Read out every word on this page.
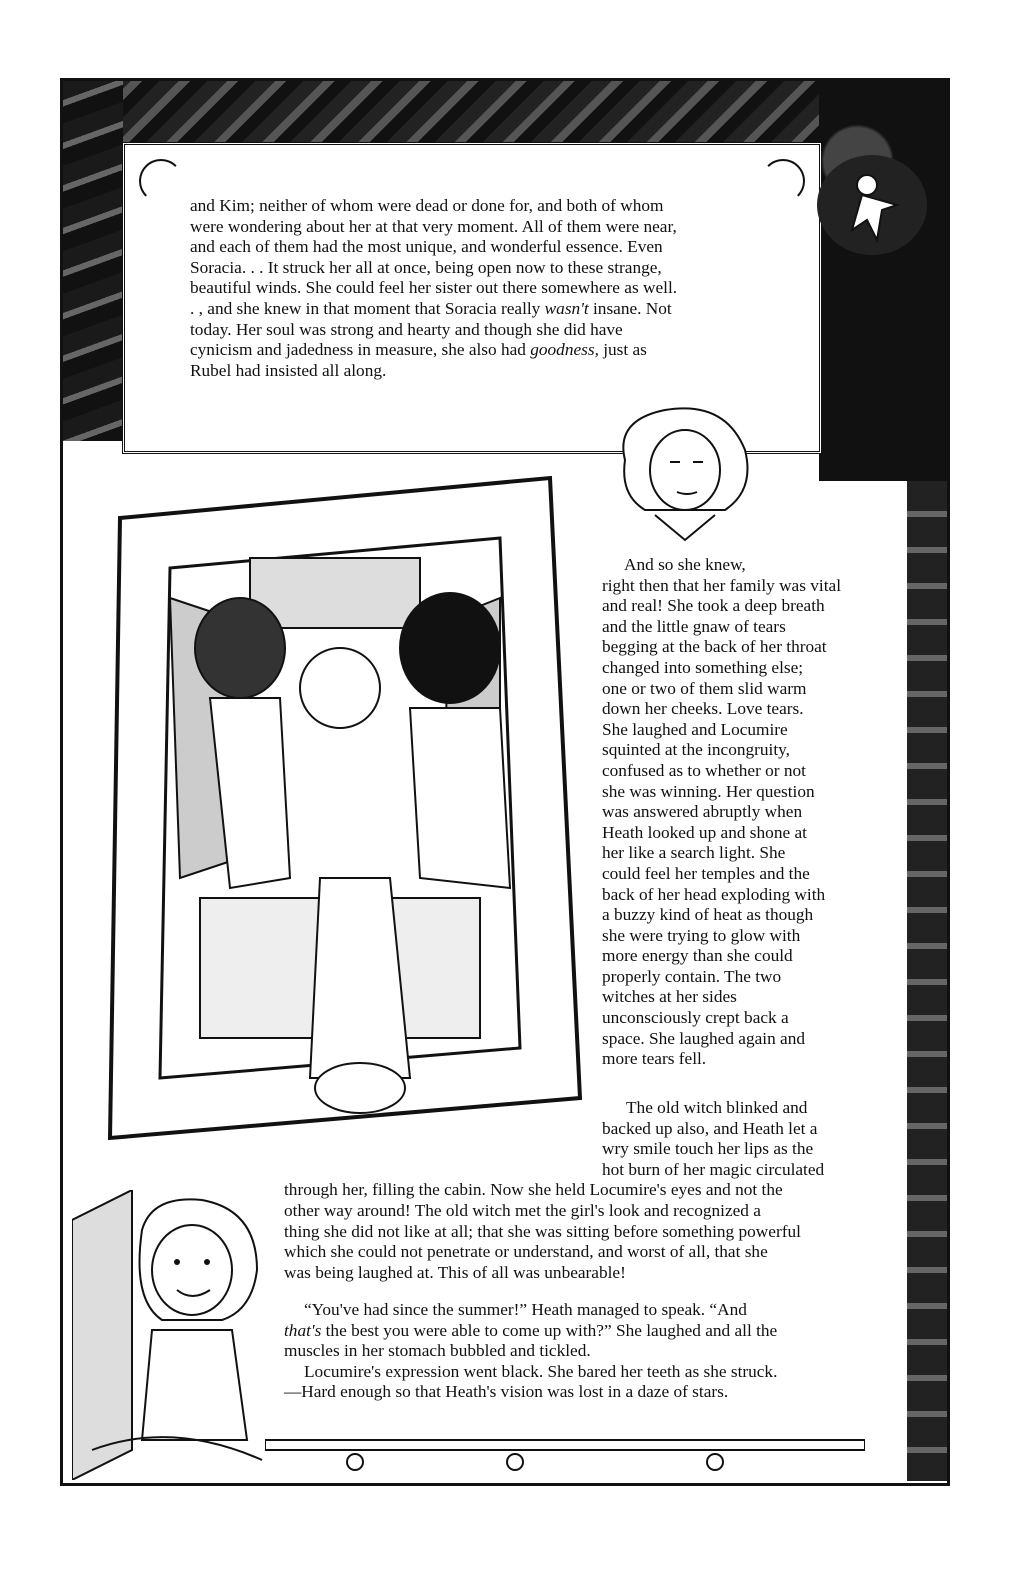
and Kim; neither of whom were dead or done for, and both of whom

were wondering about her at that very moment. All of them were near,

and each of them had the most unique, and wonderful essence. Even

Soracia. . . It struck her all at once, being open now to these strange,

beautiful winds. She could feel her sister out there somewhere as well.

. , and she knew in that moment that Soracia really wasn't insane. Not

today. Her soul was strong and hearty and though she did have

cynicism and jadedness in measure, she also had goodness, just as

Rubel had insisted all along.

And so she knew,

right then that her family was vital

and real! She took a deep breath

and the little gnaw of tears

begging at the back of her throat

changed into something else;

one or two of them slid warm

down her cheeks. Love tears.

She laughed and Locumire

squinted at the incongruity,

confused as to whether or not

she was winning. Her question

was answered abruptly when

Heath looked up and shone at

her like a search light. She

could feel her temples and the

back of her head exploding with

a buzzy kind of heat as though

she were trying to glow with

more energy than she could

properly contain. The two

witches at her sides

unconsciously crept back a

space. She laughed again and

more tears fell.

The old witch blinked and

backed up also, and Heath let a

wry smile touch her lips as the

hot burn of her magic circulated

through her, filling the cabin. Now she held Locumire's eyes and not the

other way around! The old witch met the girl's look and recognized a

thing she did not like at all; that she was sitting before something powerful

which she could not penetrate or understand, and worst of all, that she

was being laughed at. This of all was unbearable!

“You've had since the summer!” Heath managed to speak. “And

that's the best you were able to come up with?” She laughed and all the

muscles in her stomach bubbled and tickled.

Locumire's expression went black. She bared her teeth as she struck.

—Hard enough so that Heath's vision was lost in a daze of stars.
